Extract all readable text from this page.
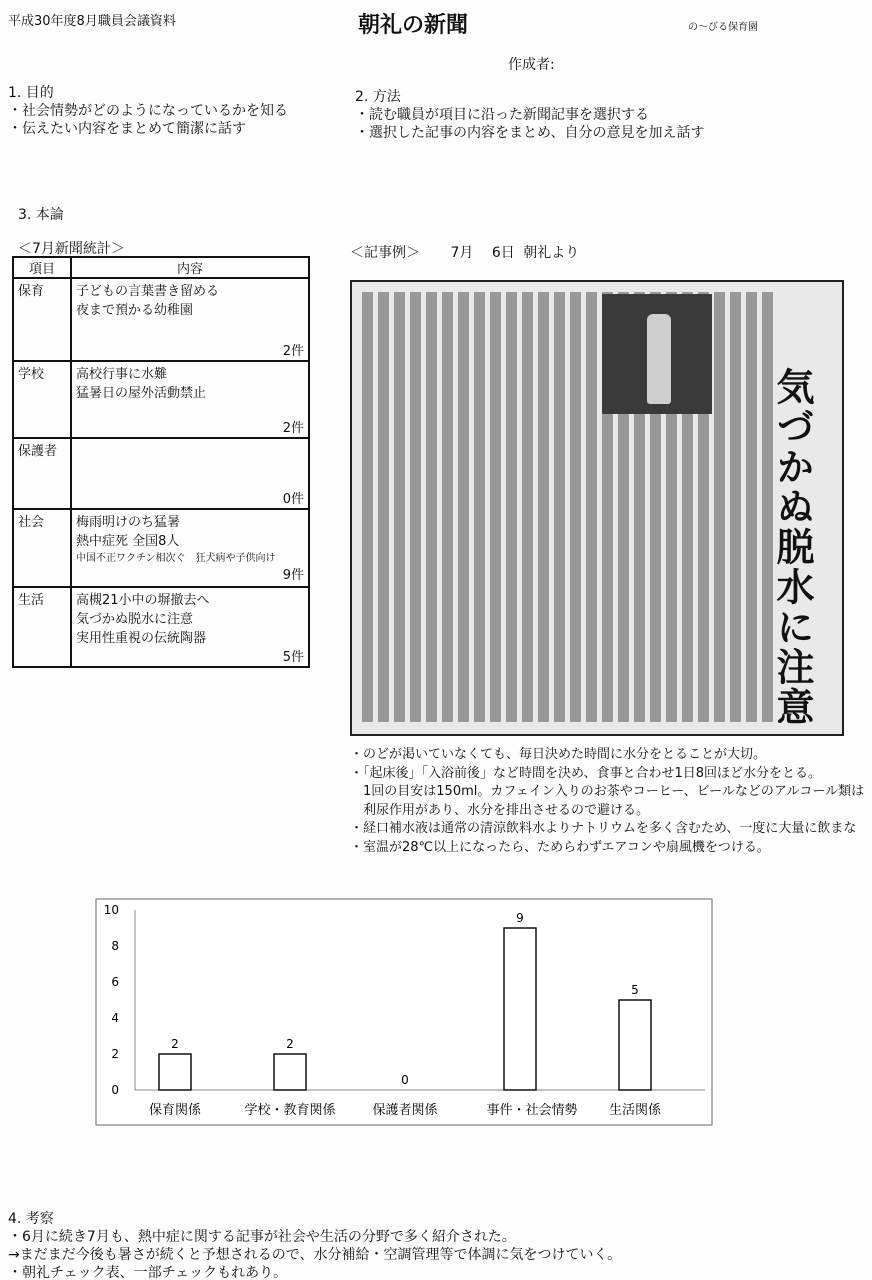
平成30年度8月職員会議資料	朝礼の新聞	の～びる保育園
作成者:
1. 目的
・社会情勢がどのようになっているかを知る
・伝えたい内容をまとめて簡潔に話す
2. 方法
・読む職員が項目に沿った新聞記事を選択する
・選択した記事の内容をまとめ、自分の意見を加え話す
3. 本論
＜7月新聞統計＞
項目	内容
保育	子どもの言葉書き留める
夜まで預かる幼稚園
2件

学校	高校行事に水難
猛暑日の屋外活動禁止
2件

保護者	0件

社会	梅雨明けのち猛暑
熱中症死 全国8人
中国不正ワクチン相次ぐ　狂犬病や子供向け
9件

生活	高槻21小中の塀撤去へ
気づかぬ脱水に注意
実用性重視の伝統陶器
5件
＜記事例＞ 7月 6日 朝礼より
気づかぬ脱水に注意
・のどが渇いていなくても、毎日決めた時間に水分をとることが大切。
・「起床後」「入浴前後」など時間を決め、食事と合わせ1日8回ほど水分をとる。
　1回の目安は150ml。カフェイン入りのお茶やコーヒー、ビールなどのアルコール類は
　利尿作用があり、水分を排出させるので避ける。
・経口補水液は通常の清涼飲料水よりナトリウムを多く含むため、一度に大量に飲まな
・室温が28℃以上になったら、ためらわずエアコンや扇風機をつける。
0
2
4
6
8
10
2
保育関係
2
学校・教育関係
0
保護者関係
9
事件・社会情勢
5
生活関係
4. 考察
・6月に続き7月も、熱中症に関する記事が社会や生活の分野で多く紹介された。
→まだまだ今後も暑さが続くと予想されるので、水分補給・空調管理等で体調に気をつけていく。
・朝礼チェック表、一部チェックもれあり。
